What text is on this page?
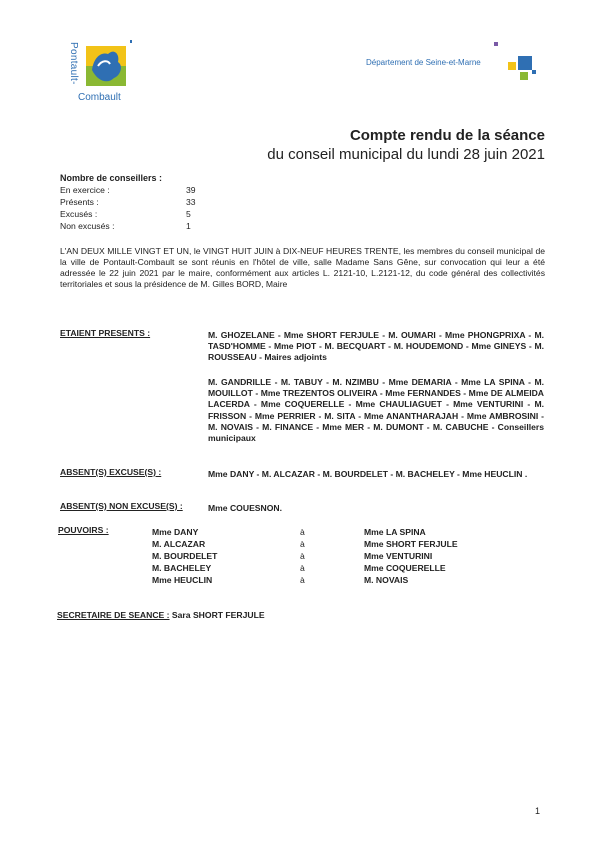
Pontault-
Combault
Département de Seine-et-Marne
Compte rendu de la séance
du conseil municipal du lundi 28 juin 2021
Nombre de conseillers :
En exercice :	39
Présents :	33
Excusés :	5
Non excusés :	1
L'AN DEUX MILLE VINGT ET UN, le VINGT HUIT JUIN à DIX-NEUF HEURES TRENTE, les membres du conseil municipal de la ville de Pontault-Combault se sont réunis en l'hôtel de ville, salle Madame Sans Gêne, sur convocation qui leur a été adressée le 22 juin 2021 par le maire, conformément aux articles L. 2121-10, L.2121-12, du code général des collectivités territoriales et sous la présidence de M. Gilles BORD, Maire
ETAIENT PRESENTS :	M. GHOZELANE - Mme SHORT FERJULE - M. OUMARI - Mme PHONGPRIXA - M. TASD'HOMME - Mme PIOT - M. BECQUART - M. HOUDEMOND - Mme GINEYS - M. ROUSSEAU - Maires adjoints
M. GANDRILLE - M. TABUY - M. NZIMBU - Mme DEMARIA - Mme LA SPINA - M. MOUILLOT - Mme TREZENTOS OLIVEIRA - Mme FERNANDES - Mme DE ALMEIDA LACERDA - Mme COQUERELLE - Mme CHAULIAGUET - Mme VENTURINI - M. FRISSON - Mme PERRIER - M. SITA - Mme ANANTHARAJAH - Mme AMBROSINI - M. NOVAIS - M. FINANCE - Mme MER - M. DUMONT - M. CABUCHE - Conseillers municipaux
ABSENT(S) EXCUSE(S) :	Mme DANY - M. ALCAZAR - M. BOURDELET - M. BACHELEY - Mme HEUCLIN .
ABSENT(S) NON EXCUSE(S) :	Mme COUESNON.
POUVOIRS :	Mme DANY	à	Mme LA SPINA
M. ALCAZAR	à	Mme SHORT FERJULE
M. BOURDELET	à	Mme VENTURINI
M. BACHELEY	à	Mme COQUERELLE
Mme HEUCLIN	à	M. NOVAIS
SECRETAIRE DE SEANCE : Sara SHORT FERJULE
1
